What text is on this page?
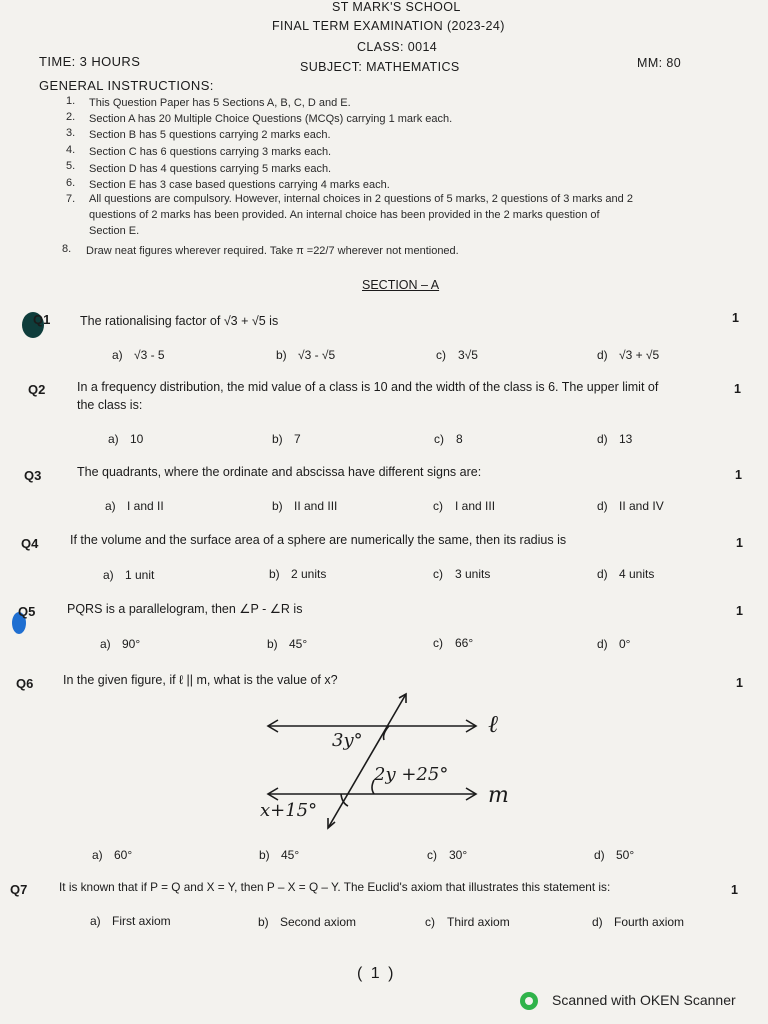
ST MARK'S SCHOOL
FINAL TERM EXAMINATION (2023-24)
CLASS: 0014
TIME: 3 HOURS	SUBJECT: MATHEMATICS	MM: 80
GENERAL INSTRUCTIONS:
1. This Question Paper has 5 Sections A, B, C, D and E.
2. Section A has 20 Multiple Choice Questions (MCQs) carrying 1 mark each.
3. Section B has 5 questions carrying 2 marks each.
4. Section C has 6 questions carrying 3 marks each.
5. Section D has 4 questions carrying 5 marks each.
6. Section E has 3 case based questions carrying 4 marks each.
7. All questions are compulsory. However, internal choices in 2 questions of 5 marks, 2 questions of 3 marks and 2
questions of 2 marks has been provided. An internal choice has been provided in the 2 marks question of
Section E.
8. Draw neat figures wherever required. Take π =22/7 wherever not mentioned.
SECTION – A
Q1 The rationalising factor of √3 + √5 is	1
a) √3 - 5	b) √3 - √5	c) 3√5	d) √3 + √5
Q2	In a frequency distribution, the mid value of a class is 10 and the width of the class is 6. The upper limit of
the class is:
1
a) 10	b) 7	c) 8	d) 13
Q3	The quadrants, where the ordinate and abscissa have different signs are:	1
a) I and II	b) II and III	c) I and III	d) II and IV
Q4	If the volume and the surface area of a sphere are numerically the same, then its radius is	1
a) 1 unit	b) 2 units	c) 3 units	d) 4 units
Q5	PQRS is a parallelogram, then ∠P - ∠R is	1
a) 90°	b) 45°	c) 66°	d) 0°
Q6 In the given figure, if ℓ || m, what is the value of x?	1
ℓ
m
3y°
2y +25°
x+15°
a) 60°	b) 45°	c) 30°	d) 50°
Q7	It is known that if P = Q and X = Y, then P – X = Q – Y. The Euclid's axiom that illustrates this statement is:	1
a) First axiom	b) Second axiom	c) Third axiom	d) Fourth axiom
( 1 )
Scanned with OKEN Scanner
